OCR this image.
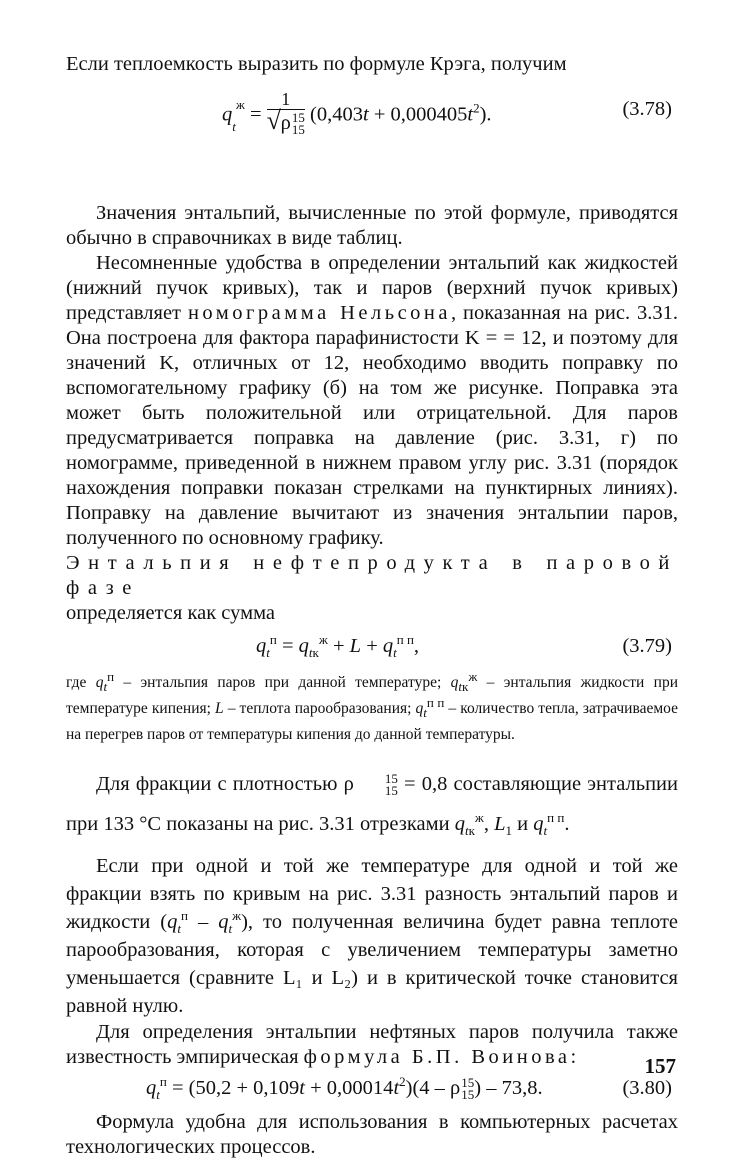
Если теплоемкость выразить по формуле Крэга, получим

$q_t^ж = 1$
√ ρ 15
15 $(0,403t + 0,000405t^2)$.	(3.78)

Значения энтальпий, вычисленные по этой формуле, приводятся обычно в справочниках в виде таблиц.

Несомненные удобства в определении энтальпий как жидкостей (нижний пучок кривых), так и паров (верхний пучок кривых) представляет номограмма Нельсона, показанная на рис. 3.31. Она построена для фактора парафинистости K = = 12, и поэтому для значений K, отличных от 12, необходимо вводить поправку по вспомогательному графику (б) на том же рисунке. Поправка эта может быть положительной или отрицательной. Для паров предусматривается поправка на давление (рис. 3.31, г) по номограмме, приведенной в нижнем правом углу рис. 3.31 (порядок нахождения поправки показан стрелками на пунктирных линиях). Поправку на давление вычитают из значения энтальпии паров, полученного по основному графику.

Энтальпия нефтепродукта в паровой фазе
определяется как сумма

$q_t^п = q_{tк}^ж + L + q_t^{п п}$,	(3.79)

где $q_t^п$ – энтальпия паров при данной температуре; $q_{tк}^ж$ – энтальпия жидкости при температуре кипения; L – теплота парообразования; $q_t^{п п}$ – количество тепла, затрачиваемое на перегрев паров от температуры кипения до данной температуры.

Для фракции с плотностью ρ	15
15 = 0,8 составляющие энтальпии при 133 °С показаны на рис. 3.31 отрезками $q_{tк}^ж$, $L_1$ и $q_t^{п п}$.

Если при одной и той же температуре для одной и той же фракции взять по кривым на рис. 3.31 разность энтальпий паров и жидкости $(q_t^п - q_t^ж)$, то полученная величина будет равна теплоте парообразования, которая с увеличением температуры заметно уменьшается (сравните L₁ и L₂) и в критической точке становится равной нулю.

Для определения энтальпии нефтяных паров получила также известность эмпирическая формула Б.П. Воинова:

$q_t^п = (50,2 + 0,109t + 0,00014t^2)(4 - \rho$ 15
15 ) – 73,8.	(3.80)

Формула удобна для использования в компьютерных расчетах технологических процессов.

157
